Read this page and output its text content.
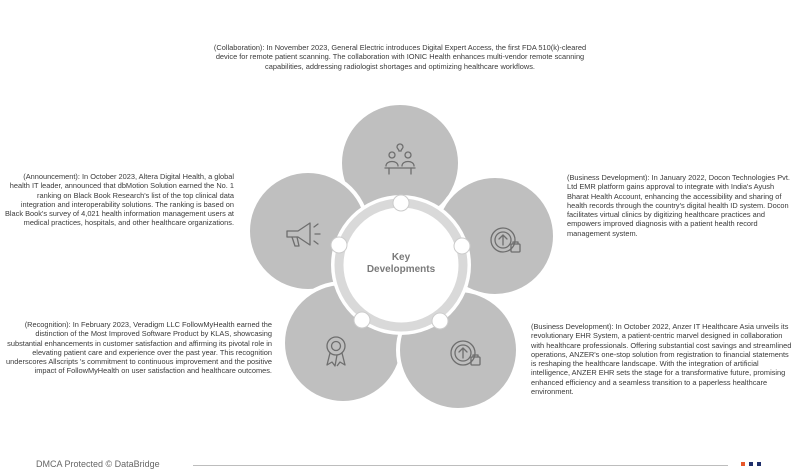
(Collaboration): In November 2023, General Electric introduces Digital Expert Access, the first FDA 510(k)-cleared device for remote patient scanning. The collaboration with IONIC Health enhances multi-vendor remote scanning capabilities, addressing radiologist shortages and optimizing healthcare workflows.

(Announcement): In October 2023, Altera Digital Health, a global health IT leader, announced that dbMotion Solution earned the No. 1 ranking on Black Book Research's list of the top clinical data integration and interoperability solutions. The ranking is based on Black Book's survey of 4,021 health information management users at medical practices, hospitals, and other healthcare organizations.

(Business Development): In January 2022, Docon Technologies Pvt. Ltd EMR platform gains approval to integrate with India's Ayush Bharat Health Account, enhancing the accessibility and sharing of health records through the country's digital health ID system. Docon facilitates virtual clinics by digitizing healthcare practices and empowers improved diagnosis with a patient health record management system.

(Recognition): In February 2023, Veradigm LLC FollowMyHealth earned the distinction of the Most Improved Software Product by KLAS, showcasing substantial enhancements in customer satisfaction and affirming its pivotal role in elevating patient care and experience over the past year. This recognition underscores Allscripts 's commitment to continuous improvement and the positive impact of FollowMyHealth on user satisfaction and healthcare outcomes.

(Business Development): In October 2022, Anzer IT Healthcare Asia unveils its revolutionary EHR System, a patient-centric marvel designed in collaboration with healthcare professionals. Offering substantial cost savings and streamlined operations, ANZER's one-stop solution from registration to financial statements is reshaping the healthcare landscape. With the integration of artificial intelligence, ANZER EHR sets the stage for a transformative future, promising enhanced efficiency and a seamless transition to a paperless healthcare environment.

Key
Developments
DMCA Protected © DataBridge
